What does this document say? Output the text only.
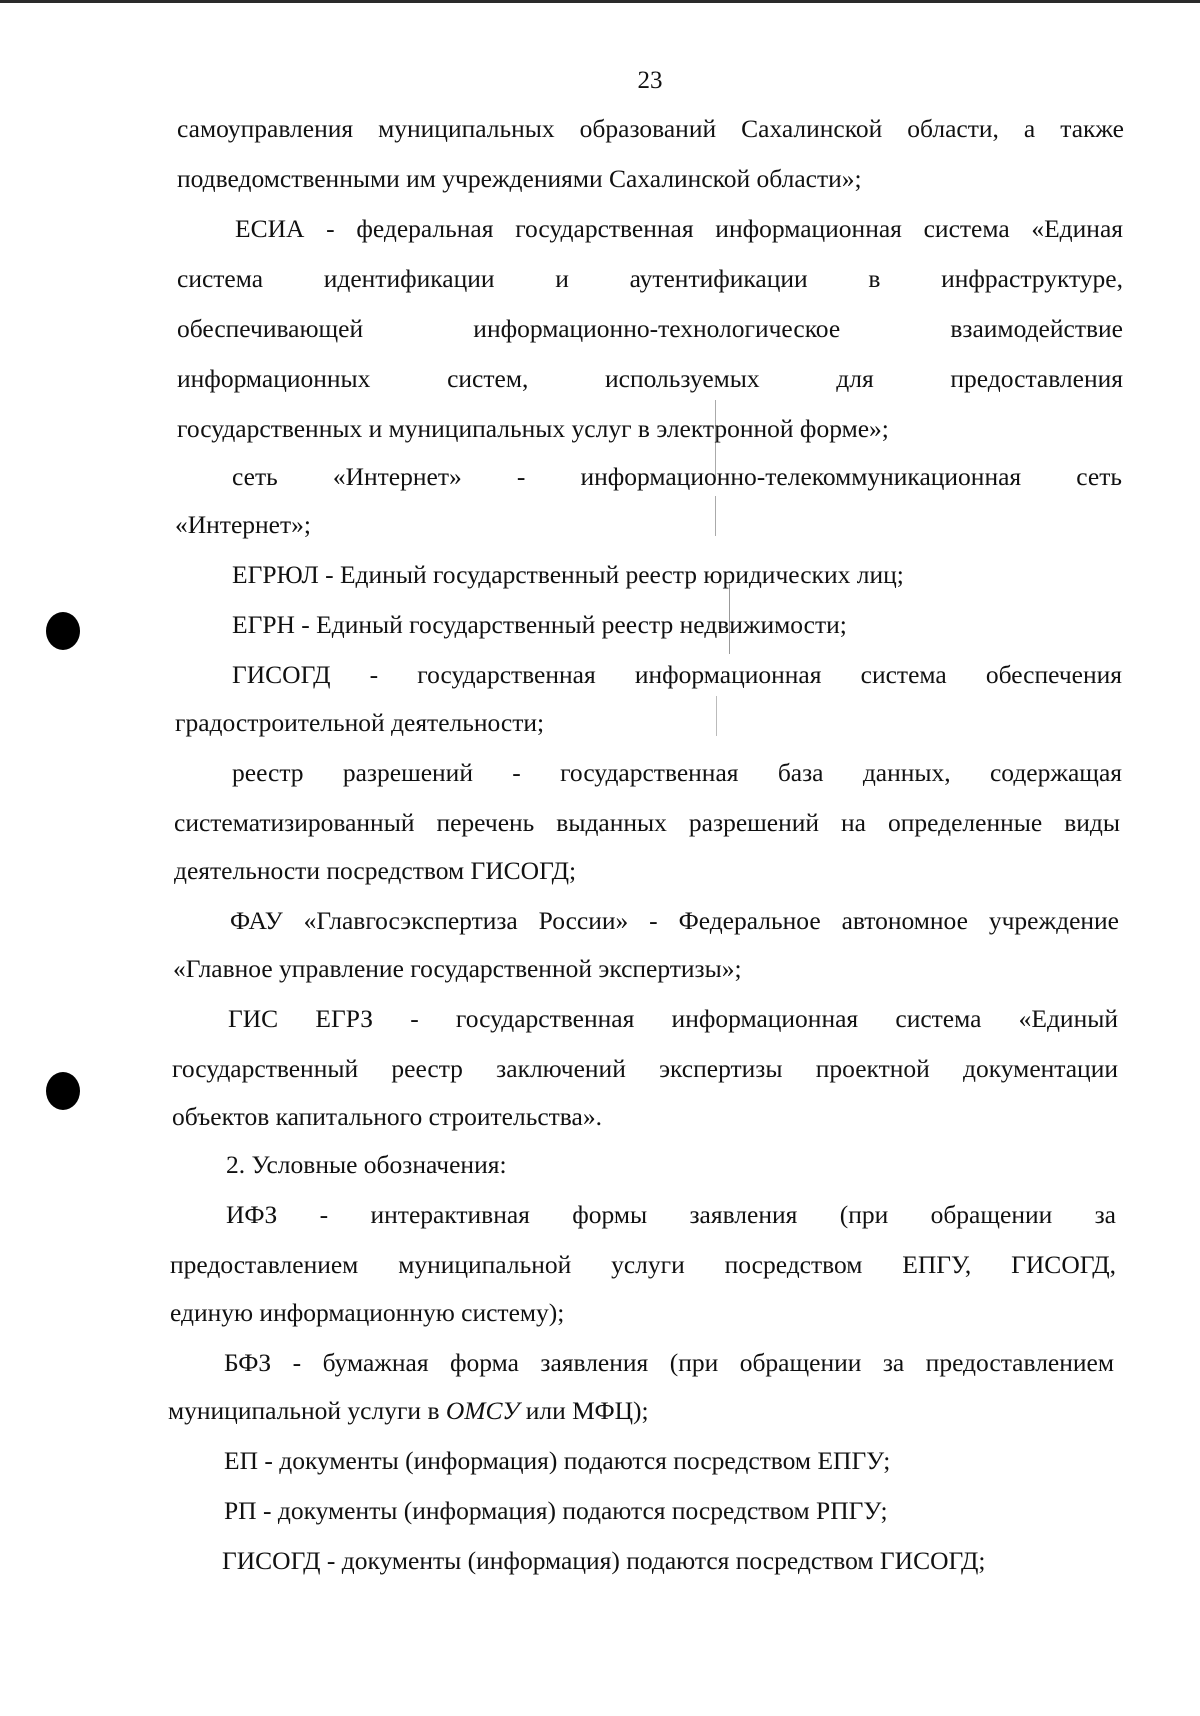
23
самоуправления муниципальных образований Сахалинской области, а также
подведомственными им учреждениями Сахалинской области»;
ЕСИА - федеральная государственная информационная система «Единая
система идентификации и аутентификации в инфраструктуре,
обеспечивающей информационно-технологическое взаимодействие
информационных систем, используемых для предоставления
государственных и муниципальных услуг в электронной форме»;
сеть «Интернет» - информационно-телекоммуникационная сеть
«Интернет»;
ЕГРЮЛ - Единый государственный реестр юридических лиц;
ЕГРН - Единый государственный реестр недвижимости;
ГИСОГД - государственная информационная система обеспечения
градостроительной деятельности;
реестр разрешений - государственная база данных, содержащая
систематизированный перечень выданных разрешений на определенные виды
деятельности посредством ГИСОГД;
ФАУ «Главгосэкспертиза России» - Федеральное автономное учреждение
«Главное управление государственной экспертизы»;
ГИС ЕГРЗ - государственная информационная система «Единый
государственный реестр заключений экспертизы проектной документации
объектов капитального строительства».
2. Условные обозначения:
ИФЗ - интерактивная формы заявления (при обращении за
предоставлением муниципальной услуги посредством ЕПГУ, ГИСОГД,
единую информационную систему);
БФЗ - бумажная форма заявления (при обращении за предоставлением
муниципальной услуги в ОМСУ или МФЦ);
ЕП - документы (информация) подаются посредством ЕПГУ;
РП - документы (информация) подаются посредством РПГУ;
ГИСОГД - документы (информация) подаются посредством ГИСОГД;
